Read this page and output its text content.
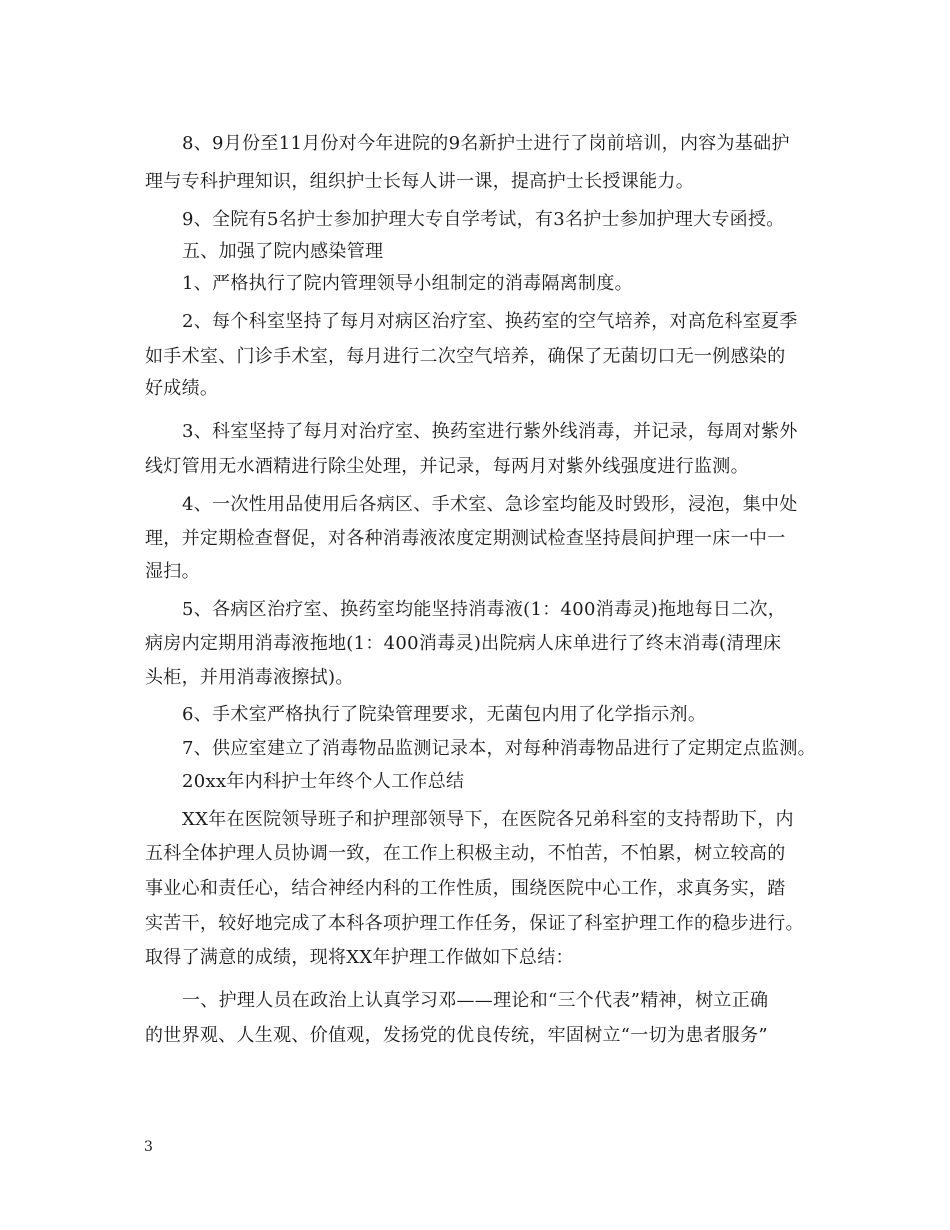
8、9月份至11月份对今年进院的9名新护士进行了岗前培训，内容为基础护
理与专科护理知识，组织护士长每人讲一课，提高护士长授课能力。
9、全院有5名护士参加护理大专自学考试，有3名护士参加护理大专函授。
五、加强了院内感染管理
1、严格执行了院内管理领导小组制定的消毒隔离制度。
2、每个科室坚持了每月对病区治疗室、换药室的空气培养，对高危科室夏季
如手术室、门诊手术室，每月进行二次空气培养，确保了无菌切口无一例感染的
好成绩。
3、科室坚持了每月对治疗室、换药室进行紫外线消毒，并记录，每周对紫外
线灯管用无水酒精进行除尘处理，并记录，每两月对紫外线强度进行监测。
4、一次性用品使用后各病区、手术室、急诊室均能及时毁形，浸泡，集中处
理，并定期检查督促，对各种消毒液浓度定期测试检查坚持晨间护理一床一中一
湿扫。
5、各病区治疗室、换药室均能坚持消毒液(1：400消毒灵)拖地每日二次，
病房内定期用消毒液拖地(1：400消毒灵)出院病人床单进行了终末消毒(清理床
头柜，并用消毒液擦拭)。
6、手术室严格执行了院染管理要求，无菌包内用了化学指示剂。
7、供应室建立了消毒物品监测记录本，对每种消毒物品进行了定期定点监测。
20xx年内科护士年终个人工作总结
XX年在医院领导班子和护理部领导下，在医院各兄弟科室的支持帮助下，内
五科全体护理人员协调一致，在工作上积极主动，不怕苦，不怕累，树立较高的
事业心和责任心，结合神经内科的工作性质，围绕医院中心工作，求真务实，踏
实苦干，较好地完成了本科各项护理工作任务，保证了科室护理工作的稳步进行。
取得了满意的成绩，现将XX年护理工作做如下总结：
一、护理人员在政治上认真学习邓——理论和“三个代表”精神，树立正确
的世界观、人生观、价值观，发扬党的优良传统，牢固树立“一切为患者服务”
3
